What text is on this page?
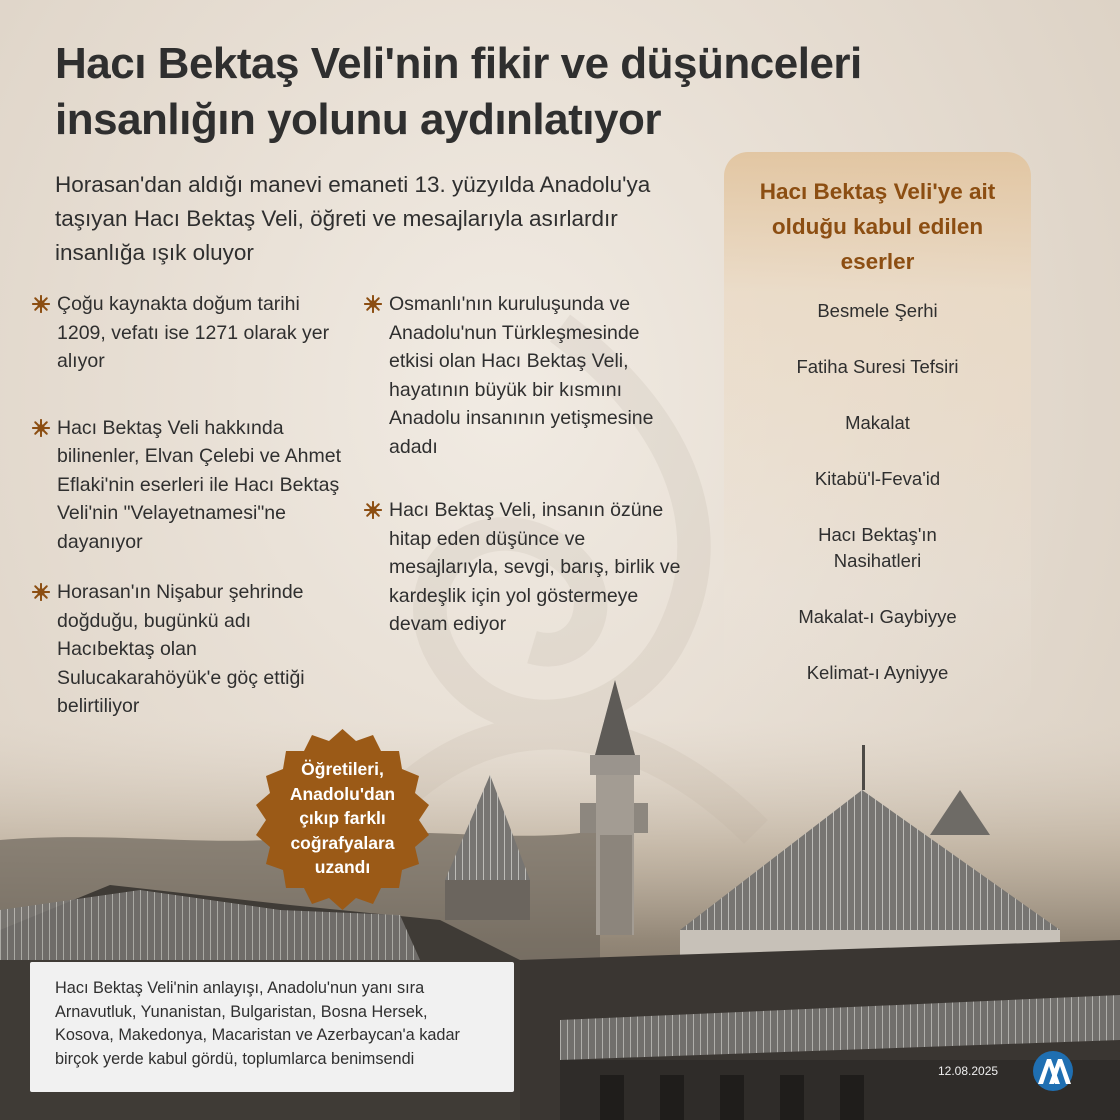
Hacı Bektaş Veli'nin fikir ve düşünceleri
insanlığın yolunu aydınlatıyor
Horasan'dan aldığı manevi emaneti 13. yüzyılda Anadolu'ya taşıyan Hacı Bektaş Veli, öğreti ve mesajlarıyla asırlardır insanlığa ışık oluyor
Çoğu kaynakta doğum tarihi 1209, vefatı ise 1271 olarak yer alıyor
Hacı Bektaş Veli hakkında bilinenler, Elvan Çelebi ve Ahmet Eflaki'nin eserleri ile Hacı Bektaş Veli'nin "Velayetnamesi"ne dayanıyor
Horasan'ın Nişabur şehrinde doğduğu, bugünkü adı Hacıbektaş olan Sulucakarahöyük'e göç ettiği belirtiliyor
Osmanlı'nın kuruluşunda ve Anadolu'nun Türkleşmesinde etkisi olan Hacı Bektaş Veli, hayatının büyük bir kısmını Anadolu insanının yetişmesine adadı
Hacı Bektaş Veli, insanın özüne hitap eden düşünce ve mesajlarıyla, sevgi, barış, birlik ve kardeşlik için yol göstermeye devam ediyor
Hacı Bektaş Veli'ye ait olduğu kabul edilen eserler
Besmele Şerhi
Fatiha Suresi Tefsiri
Makalat
Kitabü'l-Feva'id
Hacı Bektaş'ın Nasihatleri
Makalat-ı Gaybiyye
Kelimat-ı Ayniyye
Öğretileri,
Anadolu'dan
çıkıp farklı
coğrafyalara
uzandı
Hacı Bektaş Veli'nin anlayışı, Anadolu'nun yanı sıra
Arnavutluk, Yunanistan, Bulgaristan, Bosna Hersek,
Kosova, Makedonya, Macaristan ve Azerbaycan'a kadar
birçok yerde kabul gördü, toplumlarca benimsendi
12.08.2025
